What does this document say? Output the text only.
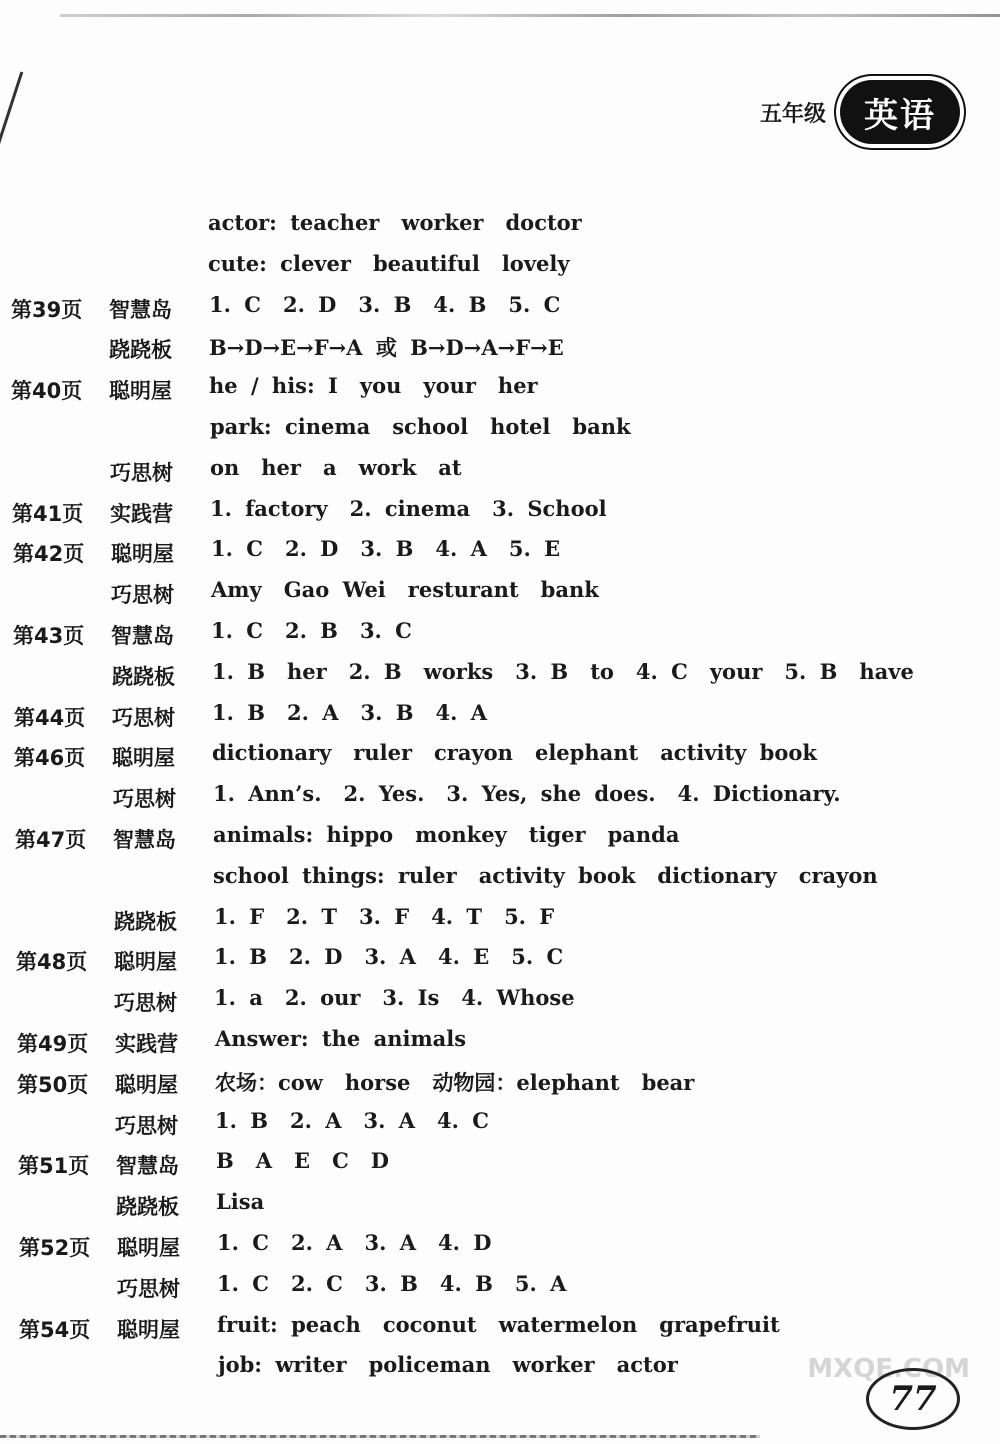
五年级	英语
actor: teacher worker doctor
cute: clever beautiful lovely
第39页 智慧岛 1. C 2. D 3. B 4. B 5. C
跷跷板 B→D→E→F→A 或 B→D→A→F→E
第40页 聪明屋 he / his: I you your her
park: cinema school hotel bank
巧思树 on her a work at
第41页 实践营 1. factory 2. cinema 3. School
第42页 聪明屋 1. C 2. D 3. B 4. A 5. E
巧思树 Amy Gao Wei resturant bank
第43页 智慧岛 1. C 2. B 3. C
跷跷板 1. B her 2. B works 3. B to 4. C your 5. B have
第44页 巧思树 1. B 2. A 3. B 4. A
第46页 聪明屋 dictionary ruler crayon elephant activity book
巧思树 1. Ann’s. 2. Yes. 3. Yes, she does. 4. Dictionary.
第47页 智慧岛 animals: hippo monkey tiger panda
school things: ruler activity book dictionary crayon
跷跷板 1. F 2. T 3. F 4. T 5. F
第48页 聪明屋 1. B 2. D 3. A 4. E 5. C
巧思树 1. a 2. our 3. Is 4. Whose
第49页 实践营 Answer: the animals
第50页 聪明屋 农场：cow horse 动物园：elephant bear
巧思树 1. B 2. A 3. A 4. C
第51页 智慧岛 B A E C D
跷跷板 Lisa
第52页 聪明屋 1. C 2. A 3. A 4. D
巧思树 1. C 2. C 3. B 4. B 5. A
第54页 聪明屋 fruit: peach coconut watermelon grapefruit
job: writer policeman worker actor	MXQE.COM
77
